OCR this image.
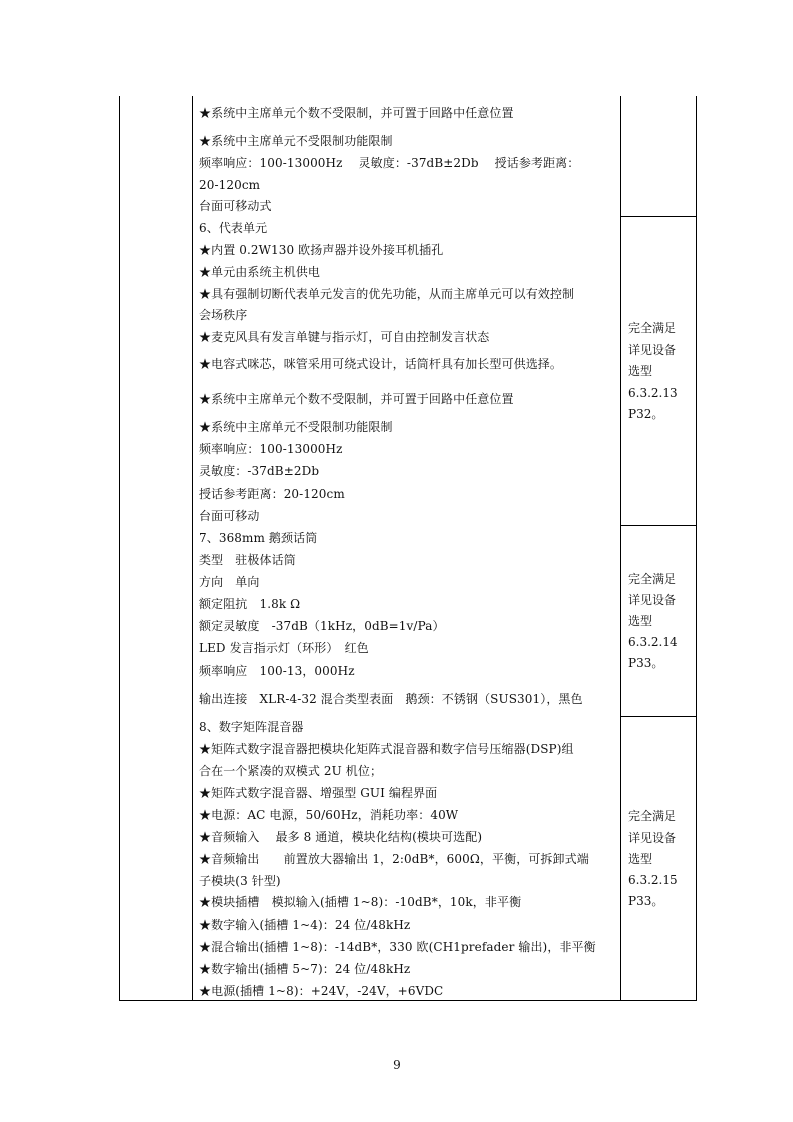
★系统中主席单元个数不受限制，并可置于回路中任意位置
★系统中主席单元不受限制功能限制
频率响应：100-13000Hz　 灵敏度：-37dB±2Db　 授话参考距离：
20-120cm
台面可移动式
6、代表单元
★内置 0.2W130 欧扬声器并设外接耳机插孔
★单元由系统主机供电
★具有强制切断代表单元发言的优先功能，从而主席单元可以有效控制
会场秩序
★麦克风具有发言单键与指示灯，可自由控制发言状态
★电容式咪芯，咪管采用可绕式设计，话筒杆具有加长型可供选择。
★系统中主席单元个数不受限制，并可置于回路中任意位置
★系统中主席单元不受限制功能限制
频率响应：100-13000Hz
灵敏度：-37dB±2Db
授话参考距离：20-120cm
台面可移动
7、368mm 鹅颈话筒
类型　驻极体话筒
方向　单向
额定阻抗　1.8k Ω
额定灵敏度　-37dB（1kHz，0dB=1v/Pa）
LED 发言指示灯（环形）　红色
频率响应　100-13，000Hz
输出连接　XLR-4-32 混合类型表面　鹅颈：不锈钢（SUS301），黑色
8、数字矩阵混音器
★矩阵式数字混音器把模块化矩阵式混音器和数字信号压缩器(DSP)组
合在一个紧凑的双模式 2U 机位；
★矩阵式数字混音器、增强型 GUI 编程界面
★电源：AC 电源，50/60Hz，消耗功率：40W
★音频输入　 最多 8 通道，模块化结构(模块可选配)
★音频输出　　前置放大器输出 1，2:0dB*，600Ω，平衡，可拆卸式端
子模块(3 针型)
★模块插槽　模拟输入(插槽 1~8)：-10dB*，10k，非平衡
★数字输入(插槽 1~4)：24 位/48kHz
★混合输出(插槽 1~8)：-14dB*，330 欧(CH1prefader 输出)，非平衡
★数字输出(插槽 5~7)：24 位/48kHz
★电源(插槽 1~8)：+24V，-24V，+6VDC
完全满足
详见设备
选型
6.3.2.13
P32。
完全满足
详见设备
选型
6.3.2.14
P33。
完全满足
详见设备
选型
6.3.2.15
P33。
9
